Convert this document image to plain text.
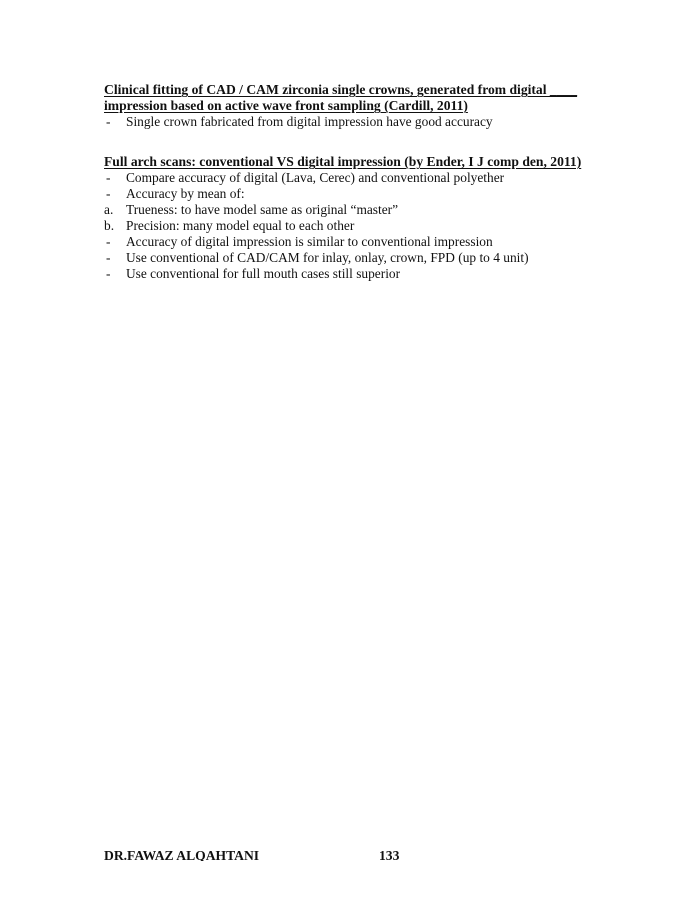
Clinical fitting of CAD / CAM zirconia single crowns, generated from digital ____

impression based on active wave front sampling (Cardill, 2011)

- Single crown fabricated from digital impression have good accuracy

Full arch scans: conventional VS digital impression (by Ender, I J comp den, 2011)

- Compare accuracy of digital (Lava, Cerec) and conventional polyether
- Accuracy by mean of:
a. Trueness: to have model same as original “master”
b. Precision: many model equal to each other
- Accuracy of digital impression is similar to conventional impression
- Use conventional of CAD/CAM for inlay, onlay, crown, FPD (up to 4 unit)
- Use conventional for full mouth cases still superior
DR.FAWAZ ALQAHTANI	133
